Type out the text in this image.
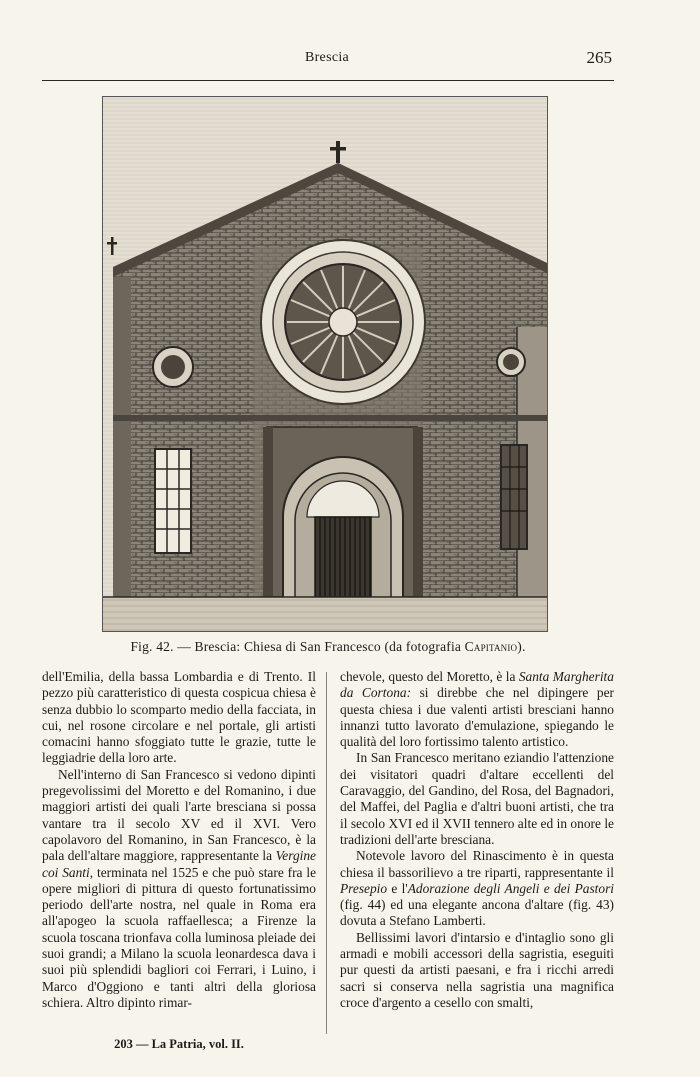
Brescia	265
Fig. 42. — Brescia: Chiesa di San Francesco (da fotografia Capitanio).

dell'Emilia, della bassa Lombardia e di Trento. Il pezzo più caratteristico di questa cospicua chiesa è senza dubbio lo scomparto medio della facciata, in cui, nel rosone circolare e nel portale, gli artisti comacini hanno sfoggiato tutte le grazie, tutte le leggiadrie della loro arte.

Nell'interno di San Francesco si vedono dipinti pregevolissimi del Moretto e del Romanino, i due maggiori artisti dei quali l'arte bresciana si possa vantare tra il secolo XV ed il XVI. Vero capolavoro del Romanino, in San Francesco, è la pala dell'altare maggiore, rappresentante la Vergine coi Santi, terminata nel 1525 e che può stare fra le opere migliori di pittura di questo fortunatissimo periodo dell'arte nostra, nel quale in Roma era all'apogeo la scuola raffaellesca; a Firenze la scuola toscana trionfava colla luminosa pleiade dei suoi grandi; a Milano la scuola leonardesca dava i suoi più splendidi bagliori coi Ferrari, i Luino, i Marco d'Oggiono e tanti altri della gloriosa schiera. Altro dipinto rimar-

chevole, questo del Moretto, è la Santa Margherita da Cortona: si direbbe che nel dipingere per questa chiesa i due valenti artisti bresciani hanno innanzi tutto lavorato d'emulazione, spiegando le qualità del loro fortissimo talento artistico.

In San Francesco meritano eziandio l'attenzione dei visitatori quadri d'altare eccellenti del Caravaggio, del Gandino, del Rosa, del Bagnadori, del Maffei, del Paglia e d'altri buoni artisti, che tra il secolo XVI ed il XVII tennero alte ed in onore le tradizioni dell'arte bresciana.

Notevole lavoro del Rinascimento è in questa chiesa il bassorilievo a tre riparti, rappresentante il Presepio e l'Adorazione degli Angeli e dei Pastori (fig. 44) ed una elegante ancona d'altare (fig. 43) dovuta a Stefano Lamberti.

Bellissimi lavori d'intarsio e d'intaglio sono gli armadi e mobili accessori della sagristia, eseguiti pur questi da artisti paesani, e fra i ricchi arredi sacri si conserva nella sagristia una magnifica croce d'argento a cesello con smalti,

203 — La Patria, vol. II.
